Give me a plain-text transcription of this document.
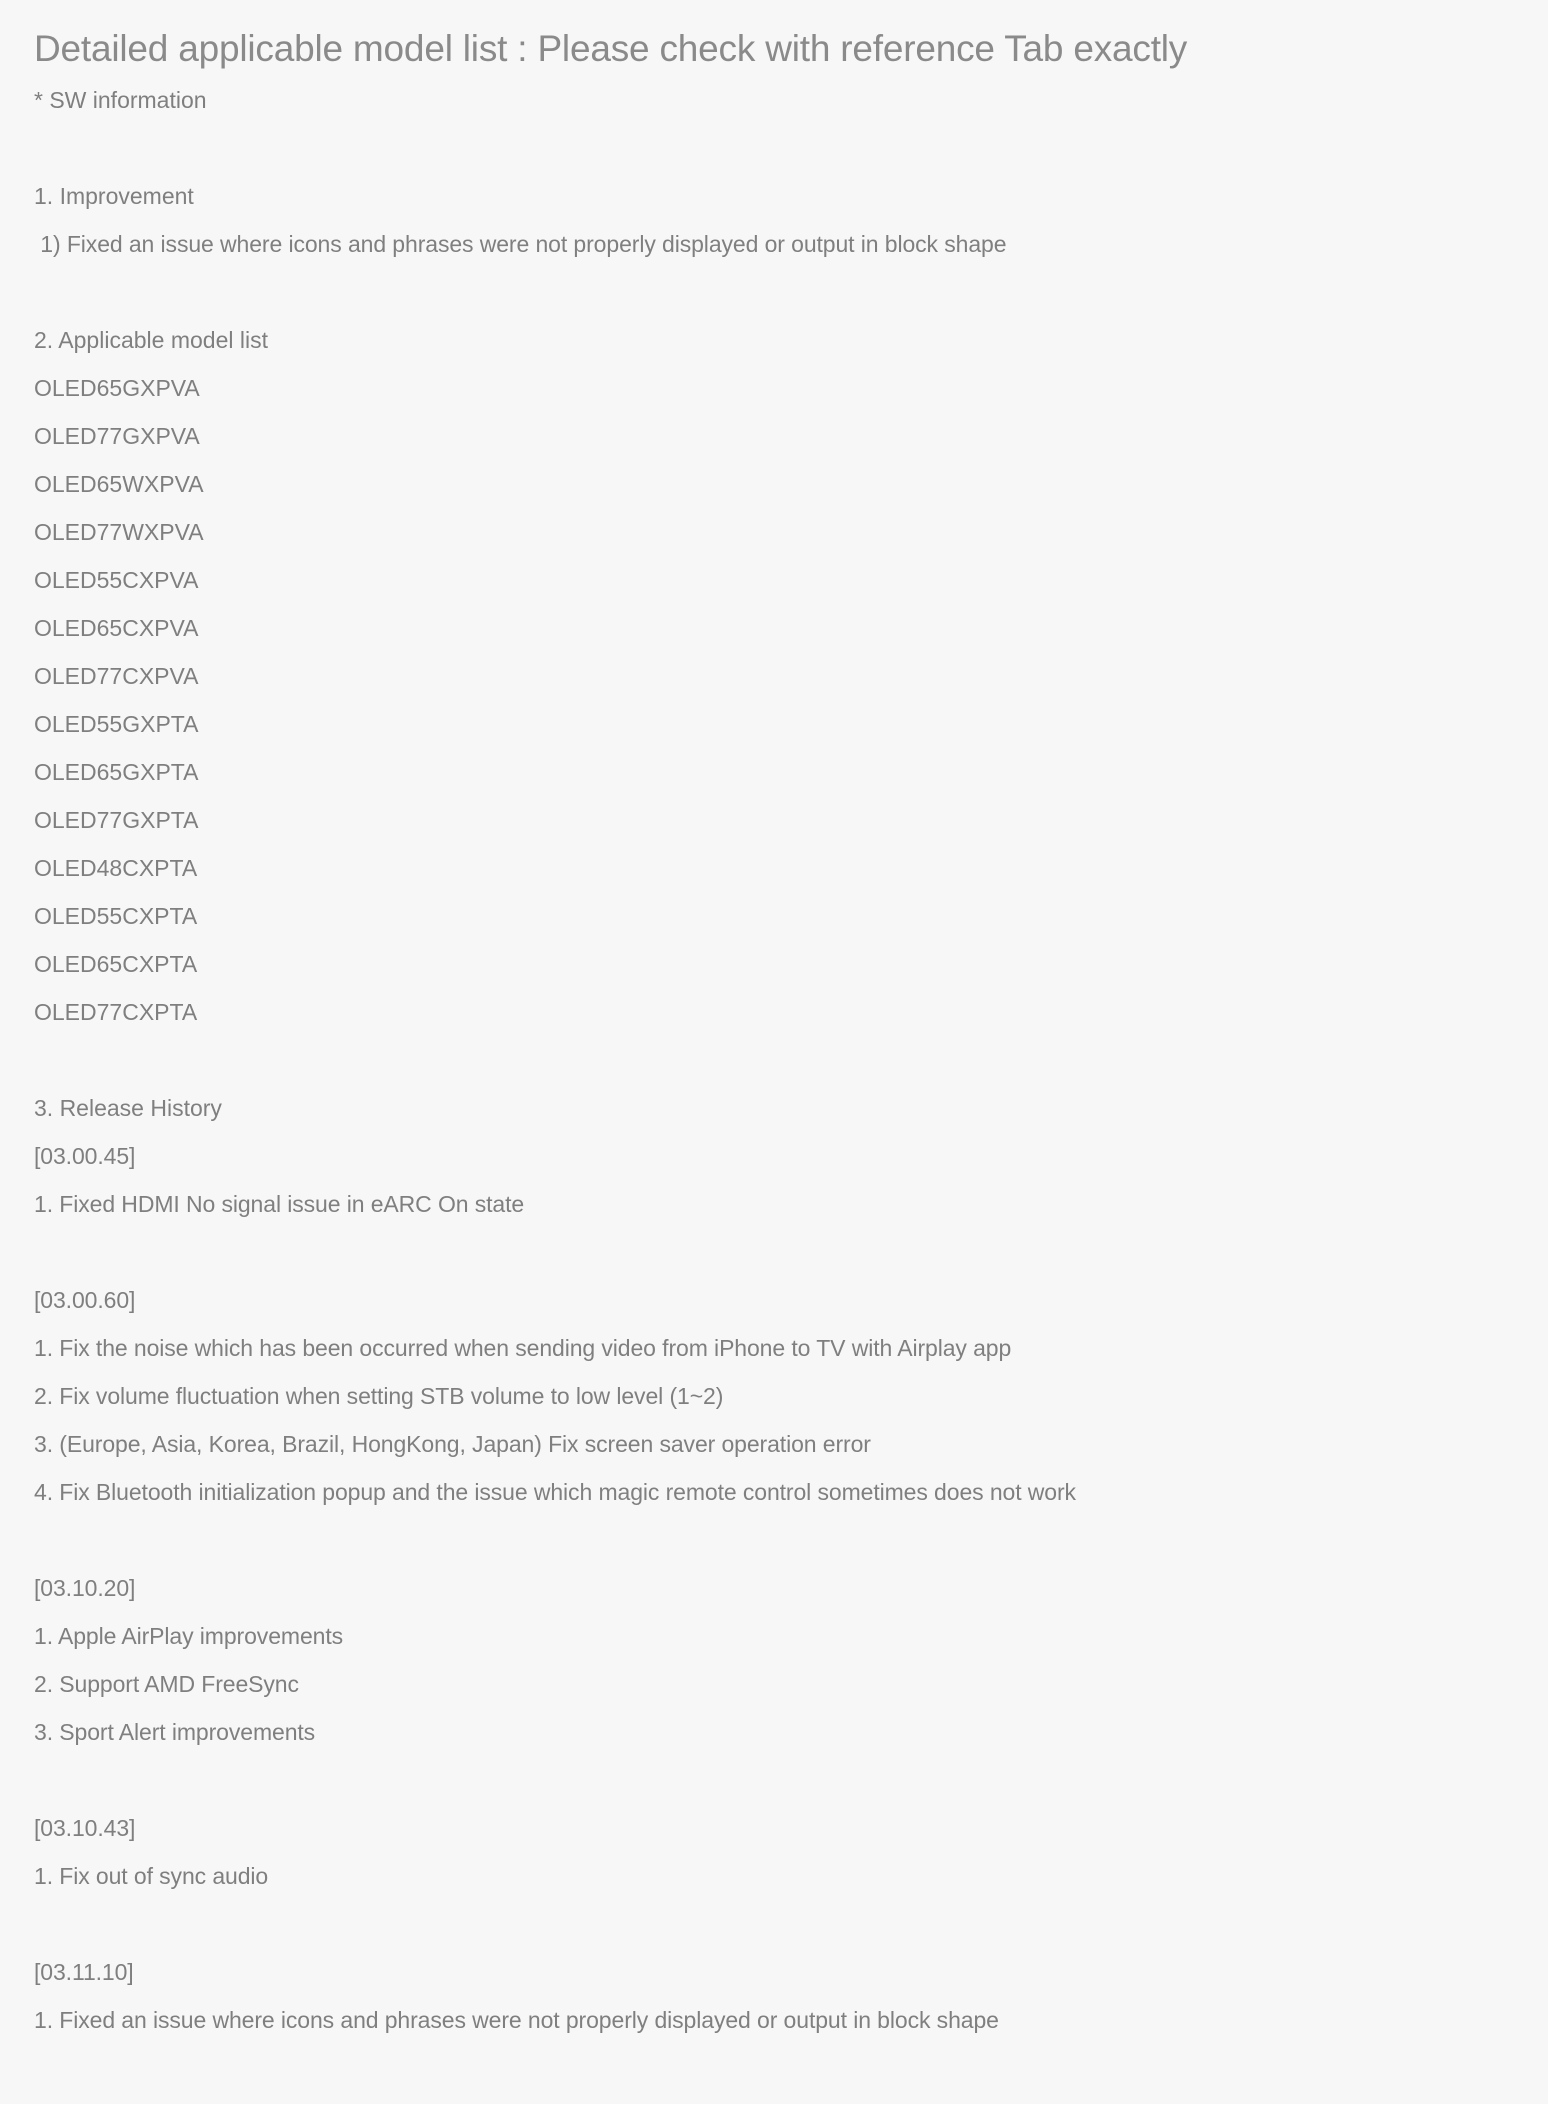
Detailed applicable model list : Please check with reference Tab exactly
* SW information
1. Improvement
1) Fixed an issue where icons and phrases were not properly displayed or output in block shape
2. Applicable model list
OLED65GXPVA
OLED77GXPVA
OLED65WXPVA
OLED77WXPVA
OLED55CXPVA
OLED65CXPVA
OLED77CXPVA
OLED55GXPTA
OLED65GXPTA
OLED77GXPTA
OLED48CXPTA
OLED55CXPTA
OLED65CXPTA
OLED77CXPTA
3. Release History
[03.00.45]
1. Fixed HDMI No signal issue in eARC On state
[03.00.60]
1. Fix the noise which has been occurred when sending video from iPhone to TV with Airplay app
2. Fix volume fluctuation when setting STB volume to low level (1~2)
3. (Europe, Asia, Korea, Brazil, HongKong, Japan) Fix screen saver operation error
4. Fix Bluetooth initialization popup and the issue which magic remote control sometimes does not work
[03.10.20]
1. Apple AirPlay improvements
2. Support AMD FreeSync
3. Sport Alert improvements
[03.10.43]
1. Fix out of sync audio
[03.11.10]
1. Fixed an issue where icons and phrases were not properly displayed or output in block shape
